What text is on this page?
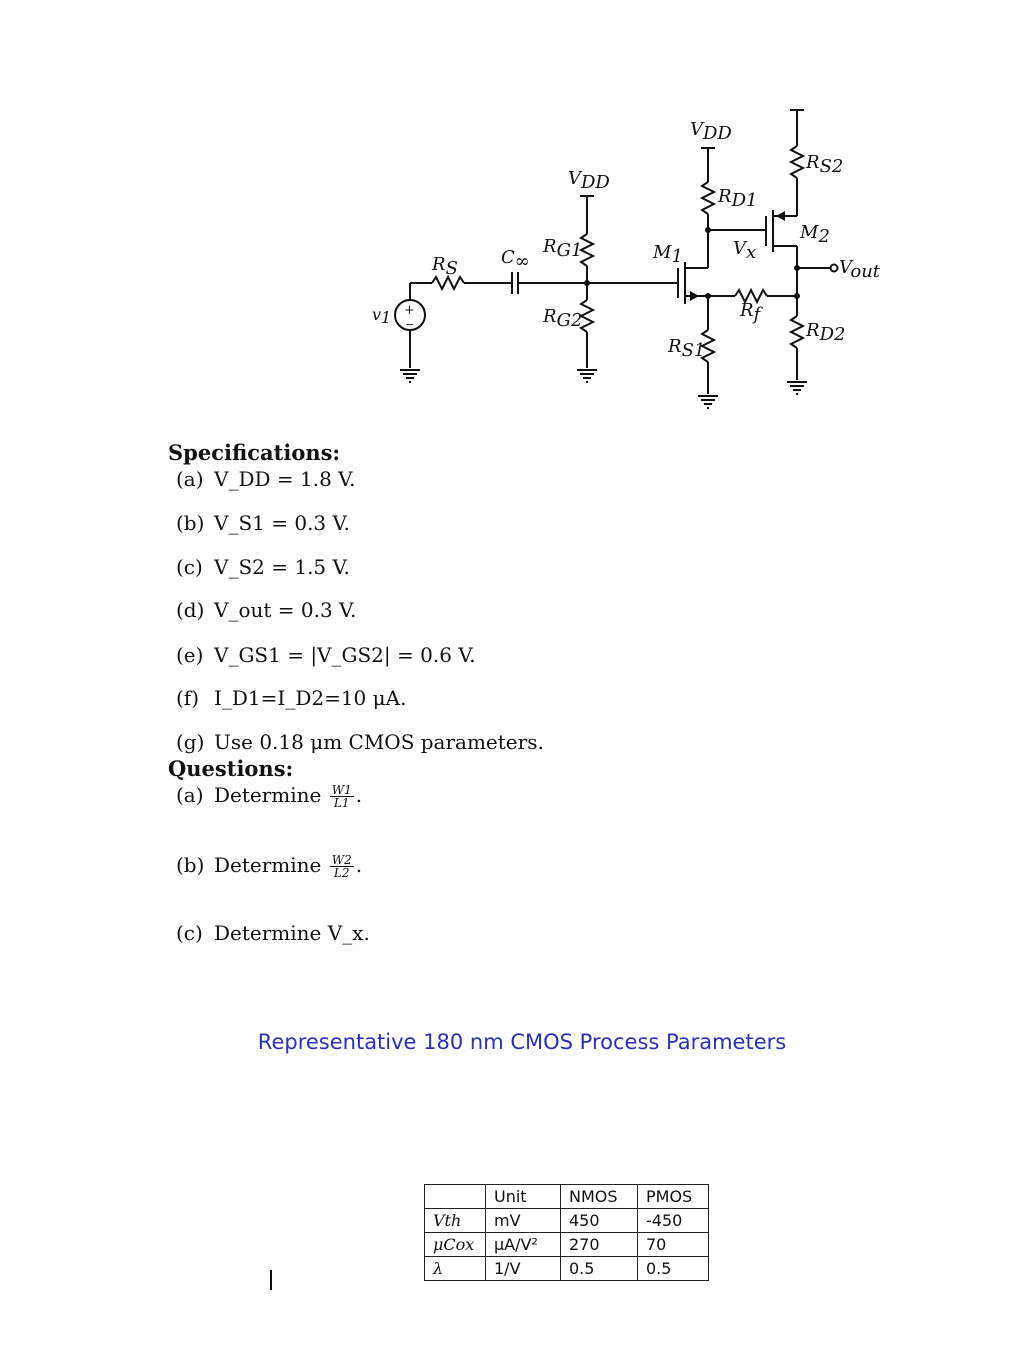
VDD
VDD
RS
C∞
RG1
RG2
v1 +
−
M1
RD1
RS1
Vx
Rf
M2
RS2
RD2
Vout
Specifications:
(a) V_DD = 1.8 V.
(b) V_S1 = 0.3 V.
(c) V_S2 = 1.5 V.
(d) V_out = 0.3 V.
(e) V_GS1 = |V_GS2| = 0.6 V.
(f) I_D1=I_D2=10 μA.
(g) Use 0.18 μm CMOS parameters.
Questions:
(a) Determine $\frac{W1}{L1}$ .
(b) Determine $\frac{W2}{L2}$ .
(c) Determine V_x.
Representative 180 nm CMOS Process Parameters
	Unit	NMOS	PMOS
Vth	mV	450	-450
μCox	μA/V²	270	70
λ	1/V	0.5	0.5
